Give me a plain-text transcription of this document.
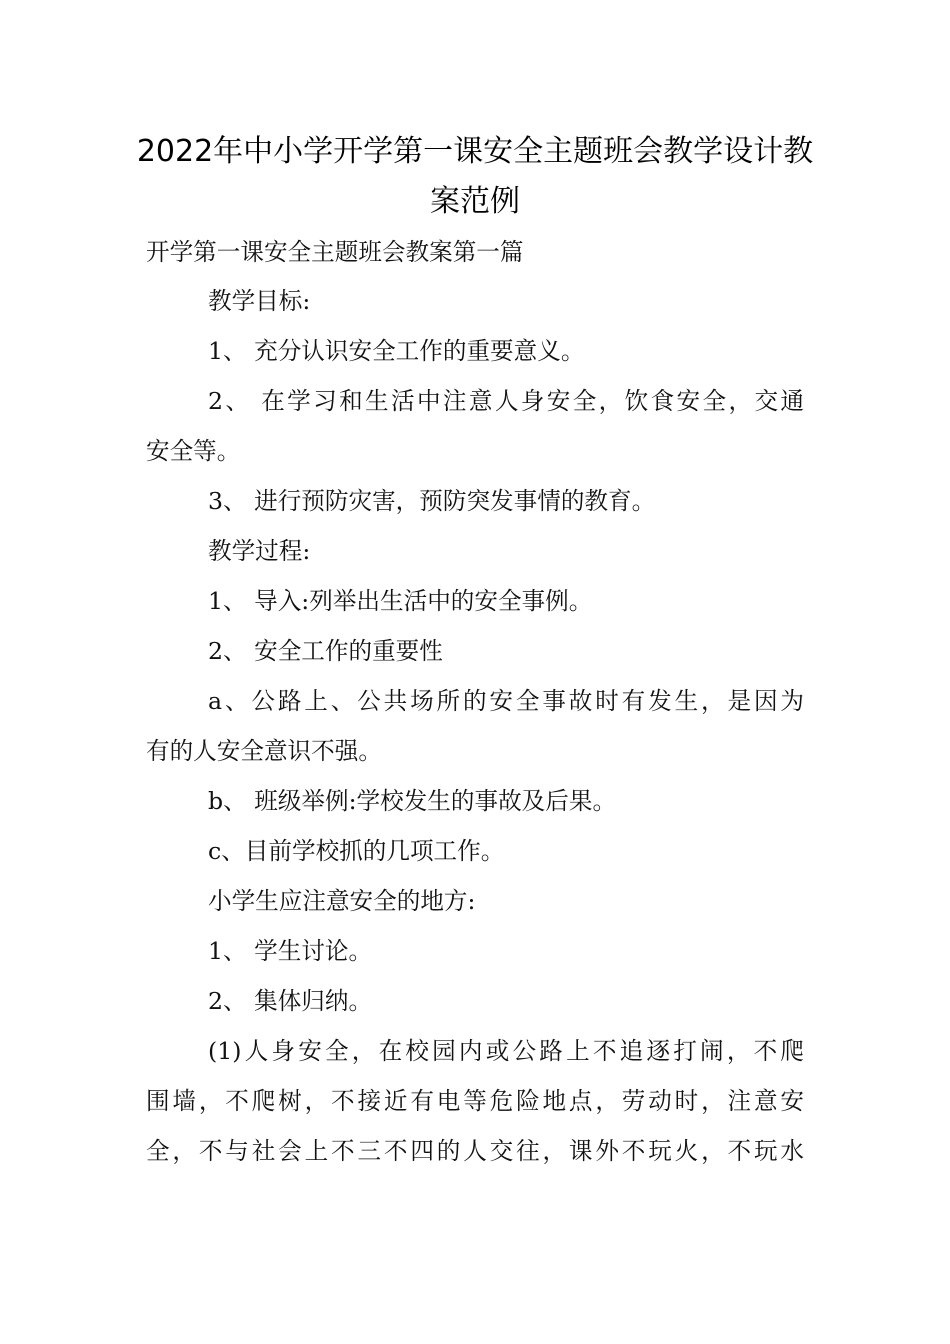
2022年中小学开学第一课安全主题班会教学设计教
案范例
开学第一课安全主题班会教案第一篇
教学目标:
1、 充分认识安全工作的重要意义。
2、 在学习和生活中注意人身安全，饮食安全，交通
安全等。
3、 进行预防灾害，预防突发事情的教育。
教学过程:
1、 导入:列举出生活中的安全事例。
2、 安全工作的重要性
a、公路上、公共场所的安全事故时有发生，是因为
有的人安全意识不强。
b、 班级举例:学校发生的事故及后果。
c、目前学校抓的几项工作。
小学生应注意安全的地方:
1、 学生讨论。
2、 集体归纳。
(1)人身安全，在校园内或公路上不追逐打闹，不爬
围墙，不爬树，不接近有电等危险地点，劳动时，注意安
全，不与社会上不三不四的人交往，课外不玩火，不玩水
